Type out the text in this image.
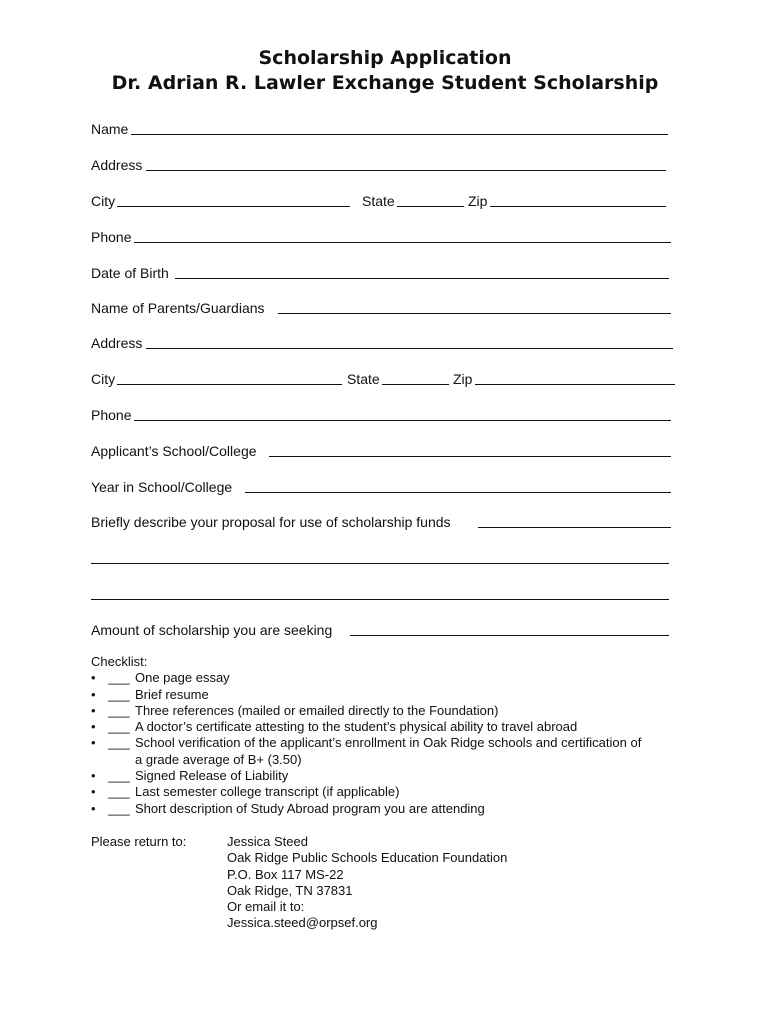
Scholarship Application
Dr. Adrian R. Lawler Exchange Student Scholarship
Name
Address
City	State	Zip
Phone
Date of Birth
Name of Parents/Guardians
Address
City	State	Zip
Phone
Applicant’s School/College
Year in School/College
Briefly describe your proposal for use of scholarship funds
Amount of scholarship you are seeking
Checklist:
• ___ One page essay
• ___ Brief resume
• ___ Three references (mailed or emailed directly to the Foundation)
• ___ A doctor’s certificate attesting to the student’s physical ability to travel abroad
• ___ School verification of the applicant’s enrollment in Oak Ridge schools and certification of
a grade average of B+ (3.50)
• ___ Signed Release of Liability
• ___ Last semester college transcript (if applicable)
• ___ Short description of Study Abroad program you are attending
Please return to:	Jessica Steed
Oak Ridge Public Schools Education Foundation
P.O. Box 117 MS-22
Oak Ridge, TN 37831
Or email it to:
Jessica.steed@orpsef.org
